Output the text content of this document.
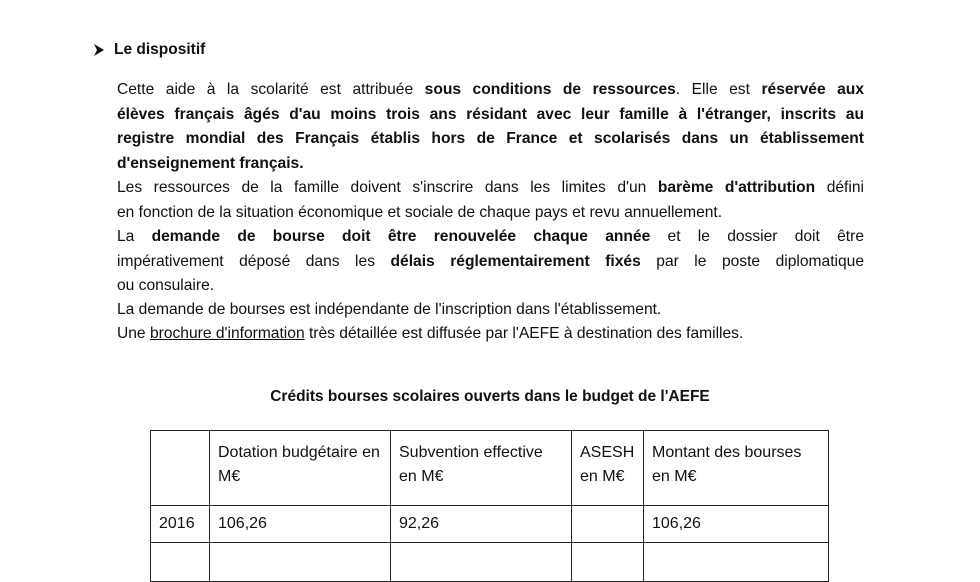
Le dispositif
Cette aide à la scolarité est attribuée sous conditions de ressources. Elle est réservée aux
élèves français âgés d'au moins trois ans résidant avec leur famille à l'étranger, inscrits au
registre mondial des Français établis hors de France et scolarisés dans un établissement
d'enseignement français.
Les ressources de la famille doivent s'inscrire dans les limites d'un barème d'attribution défini
en fonction de la situation économique et sociale de chaque pays et revu annuellement.
La demande de bourse doit être renouvelée chaque année et le dossier doit être
impérativement déposé dans les délais réglementairement fixés par le poste diplomatique
ou consulaire.
La demande de bourses est indépendante de l'inscription dans l'établissement.
Une brochure d'information très détaillée est diffusée par l'AEFE à destination des familles.
Crédits bourses scolaires ouverts dans le budget de l'AEFE
	Dotation budgétaire en M€	Subvention effective en M€	ASESH en M€	Montant des bourses en M€
2016	106,26	92,26		106,26
